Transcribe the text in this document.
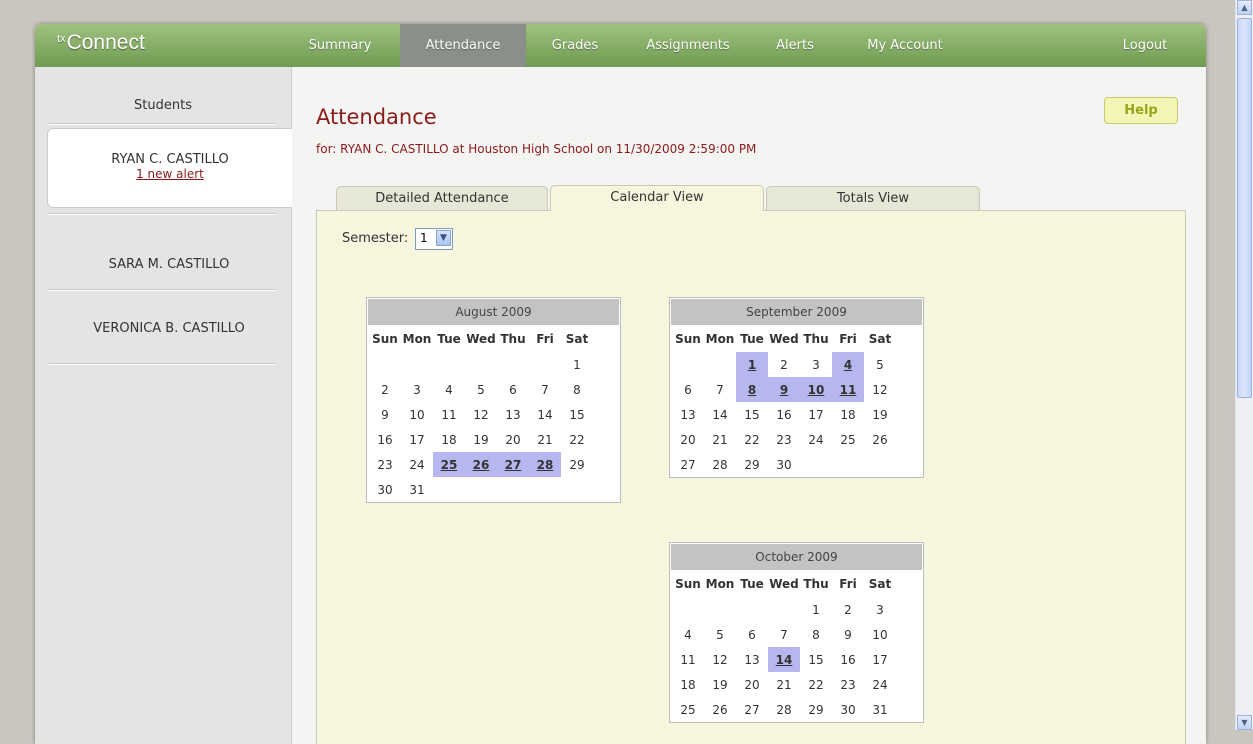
$^{tx}$Connect	Summary	Attendance	Grades	Assignments	Alerts	My Account	Logout
Students
RYAN C. CASTILLO
1 new alert
SARA M. CASTILLO
VERONICA B. CASTILLO
Attendance
for: RYAN C. CASTILLO at Houston High School on 11/30/2009 2:59:00 PM
Help
Detailed Attendance	Calendar View	Totals View
Semester: 1	▼
August 2009
Sun	Mon	Tue	Wed	Thu	Fri	Sat
						1
2	3	4	5	6	7	8
9	10	11	12	13	14	15
16	17	18	19	20	21	22
23	24	25	26	27	28	29
30	31					
September 2009
Sun	Mon	Tue	Wed	Thu	Fri	Sat
		1	2	3	4	5
6	7	8	9	10	11	12
13	14	15	16	17	18	19
20	21	22	23	24	25	26
27	28	29	30			
October 2009
Sun	Mon	Tue	Wed	Thu	Fri	Sat
				1	2	3
4	5	6	7	8	9	10
11	12	13	14	15	16	17
18	19	20	21	22	23	24
25	26	27	28	29	30	31
▲
▼
